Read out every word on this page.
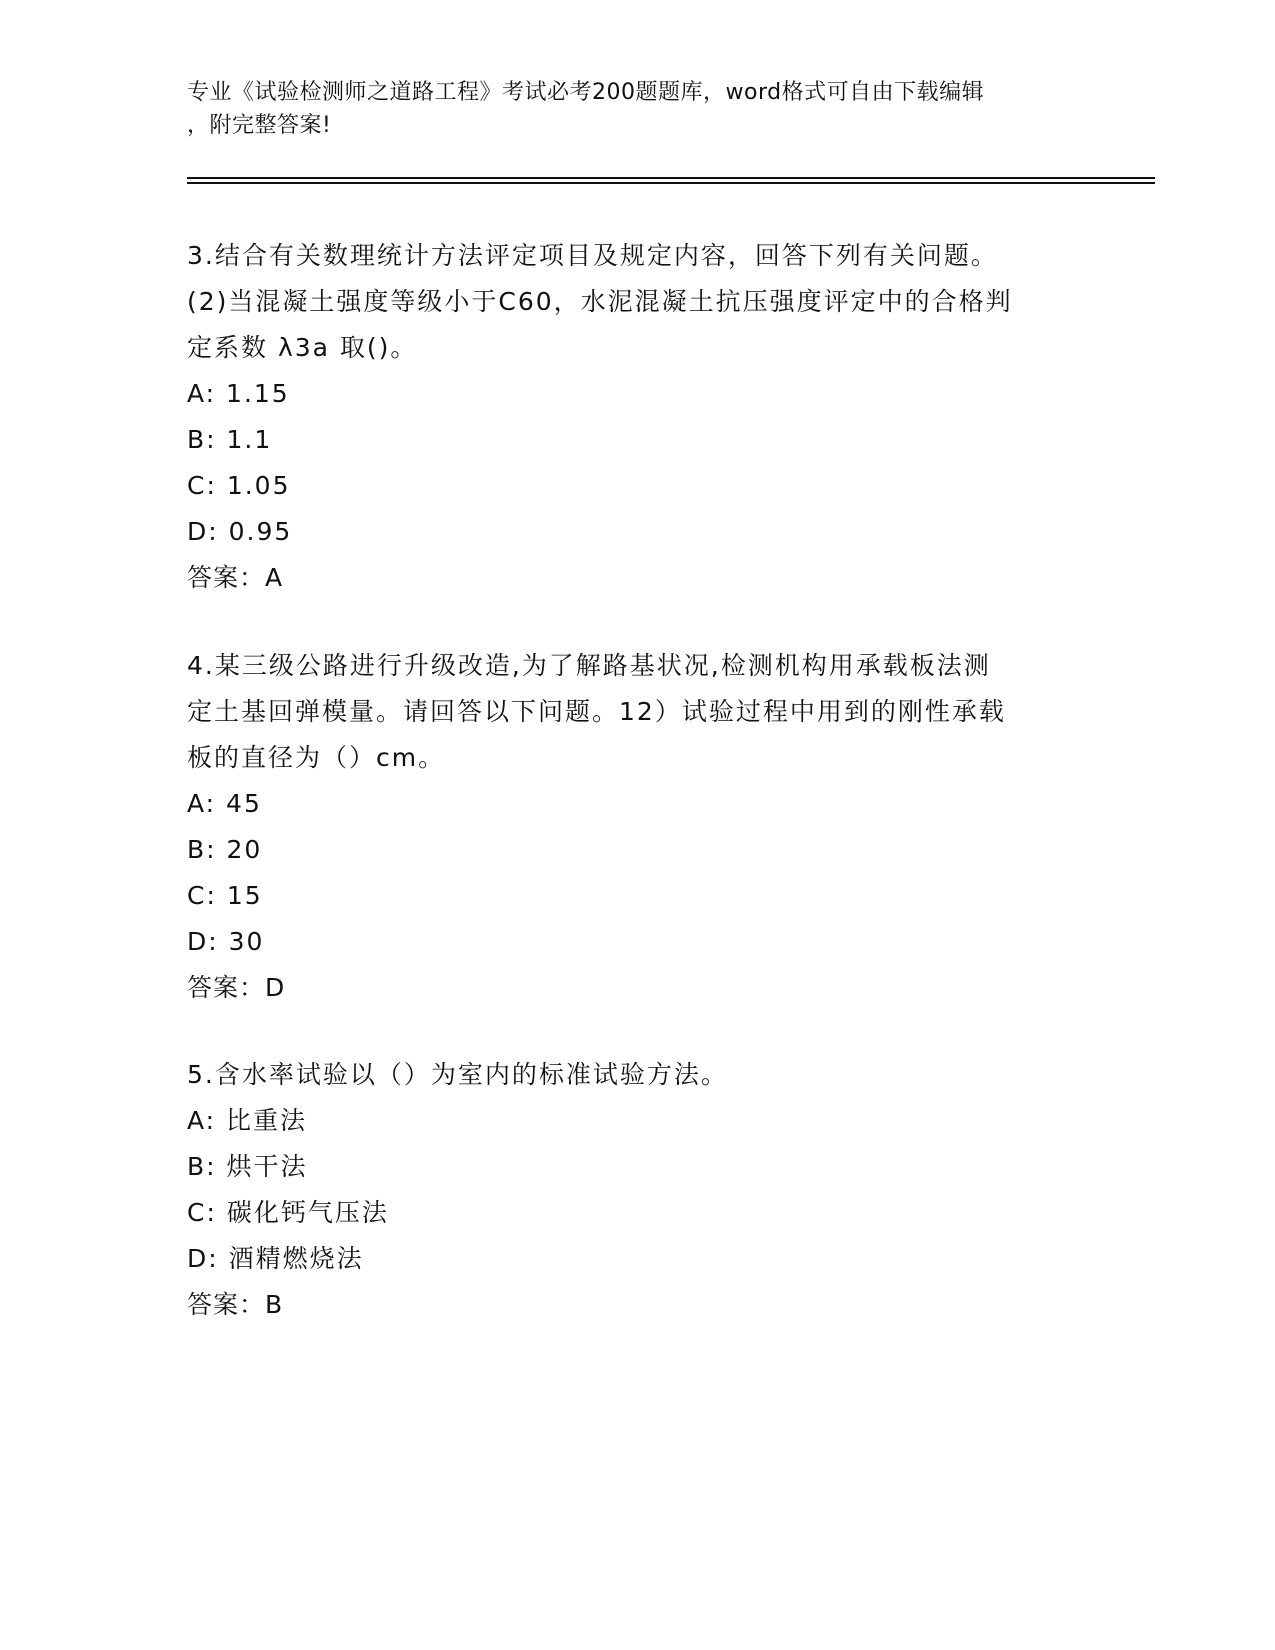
专业《试验检测师之道路工程》考试必考200题题库，word格式可自由下载编辑
，附完整答案!
3.结合有关数理统计方法评定项目及规定内容，回答下列有关问题。
(2)当混凝土强度等级小于C60，水泥混凝土抗压强度评定中的合格判
定系数 λ3a 取()。
A: 1.15
B: 1.1
C: 1.05
D: 0.95
答案：A
4.某三级公路进行升级改造,为了解路基状况,检测机构用承载板法测
定土基回弹模量。请回答以下问题。12）试验过程中用到的刚性承载
板的直径为（）cm。
A: 45
B: 20
C: 15
D: 30
答案：D
5.含水率试验以（）为室内的标准试验方法。
A: 比重法
B: 烘干法
C: 碳化钙气压法
D: 酒精燃烧法
答案：B
